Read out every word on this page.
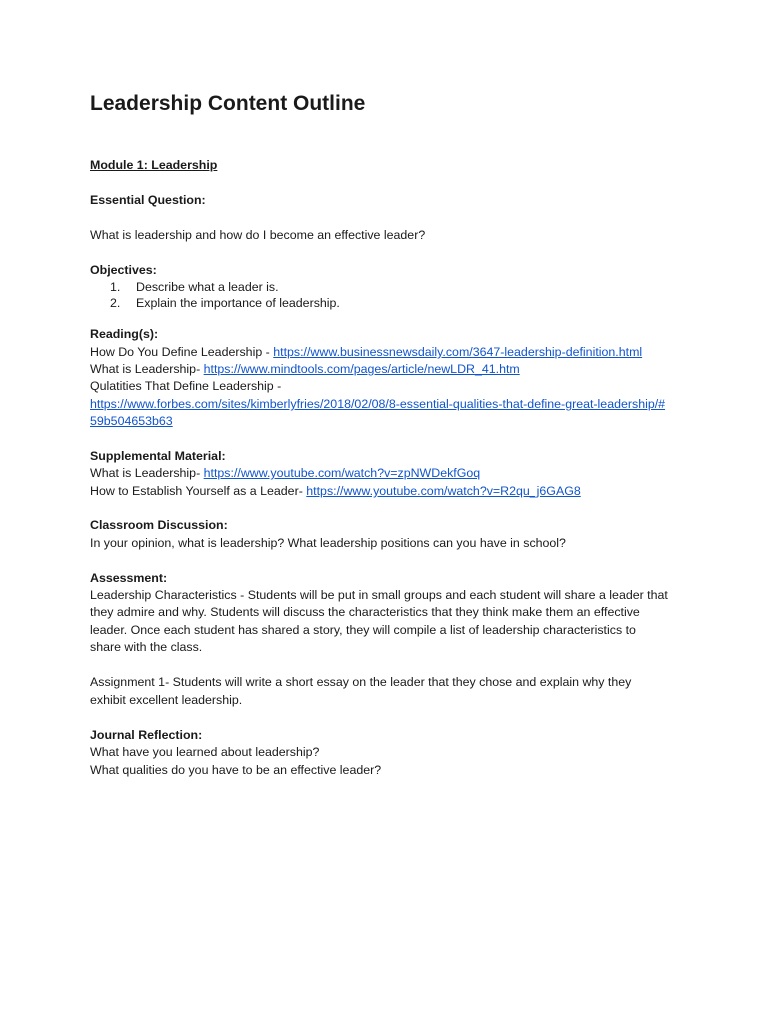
Leadership Content Outline
Module 1: Leadership
Essential Question:
What is leadership and how do I become an effective leader?
Objectives:
1. Describe what a leader is.
2. Explain the importance of leadership.
Reading(s):
How Do You Define Leadership - https://www.businessnewsdaily.com/3647-leadership-definition.html
What is Leadership- https://www.mindtools.com/pages/article/newLDR_41.htm
Qulatities That Define Leadership -
https://www.forbes.com/sites/kimberlyfries/2018/02/08/8-essential-qualities-that-define-great-leadership/#
59b504653b63
Supplemental Material:
What is Leadership- https://www.youtube.com/watch?v=zpNWDekfGoq
How to Establish Yourself as a Leader- https://www.youtube.com/watch?v=R2qu_j6GAG8
Classroom Discussion:
In your opinion, what is leadership? What leadership positions can you have in school?
Assessment:
Leadership Characteristics - Students will be put in small groups and each student will share a leader that
they admire and why. Students will discuss the characteristics that they think make them an effective
leader. Once each student has shared a story, they will compile a list of leadership characteristics to
share with the class.
Assignment 1- Students will write a short essay on the leader that they chose and explain why they
exhibit excellent leadership.
Journal Reflection:
What have you learned about leadership?
What qualities do you have to be an effective leader?
